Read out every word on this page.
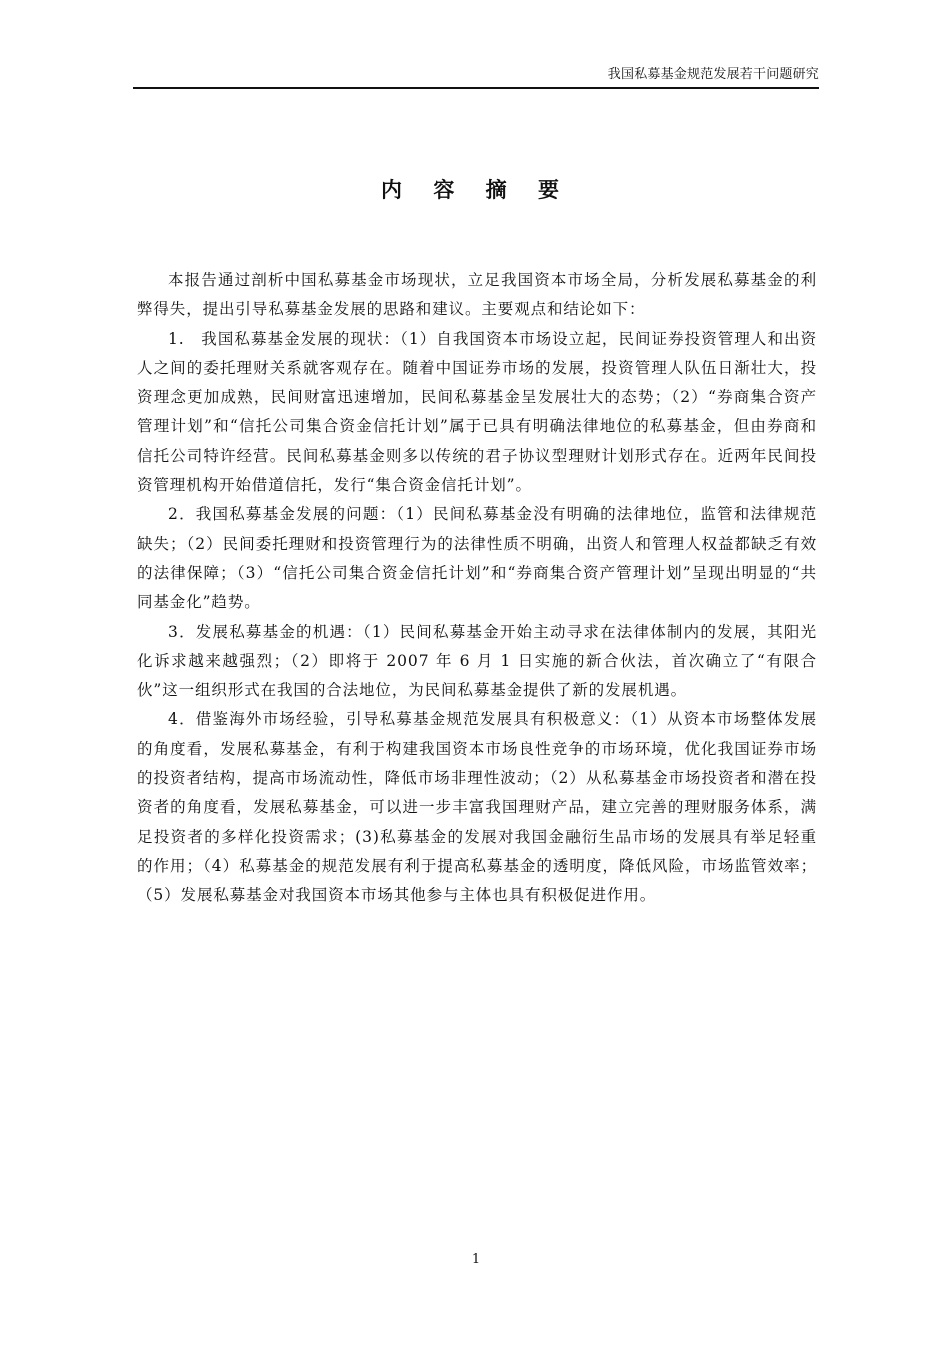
我国私募基金规范发展若干问题研究
内 容 摘 要

本报告通过剖析中国私募基金市场现状，立足我国资本市场全局，分析发展私募基金的利弊得失，提出引导私募基金发展的思路和建议。主要观点和结论如下：

1.　我国私募基金发展的现状：（1）自我国资本市场设立起，民间证券投资管理人和出资人之间的委托理财关系就客观存在。随着中国证券市场的发展，投资管理人队伍日渐壮大，投资理念更加成熟，民间财富迅速增加，民间私募基金呈发展壮大的态势；（2）“券商集合资产管理计划”和“信托公司集合资金信托计划”属于已具有明确法律地位的私募基金，但由券商和信托公司特许经营。民间私募基金则多以传统的君子协议型理财计划形式存在。近两年民间投资管理机构开始借道信托，发行“集合资金信托计划”。

2．我国私募基金发展的问题：（1）民间私募基金没有明确的法律地位，监管和法律规范缺失；（2）民间委托理财和投资管理行为的法律性质不明确，出资人和管理人权益都缺乏有效的法律保障；（3）“信托公司集合资金信托计划”和“券商集合资产管理计划”呈现出明显的“共同基金化”趋势。

3．发展私募基金的机遇：（1）民间私募基金开始主动寻求在法律体制内的发展，其阳光化诉求越来越强烈；（2）即将于 2007 年 6 月 1 日实施的新合伙法，首次确立了“有限合伙”这一组织形式在我国的合法地位，为民间私募基金提供了新的发展机遇。

4．借鉴海外市场经验，引导私募基金规范发展具有积极意义：（1）从资本市场整体发展的角度看，发展私募基金，有利于构建我国资本市场良性竞争的市场环境，优化我国证券市场的投资者结构，提高市场流动性，降低市场非理性波动；（2）从私募基金市场投资者和潜在投资者的角度看，发展私募基金，可以进一步丰富我国理财产品，建立完善的理财服务体系，满足投资者的多样化投资需求；(3)私募基金的发展对我国金融衍生品市场的发展具有举足轻重的作用；（4）私募基金的规范发展有利于提高私募基金的透明度，降低风险，市场监管效率；（5）发展私募基金对我国资本市场其他参与主体也具有积极促进作用。

1
